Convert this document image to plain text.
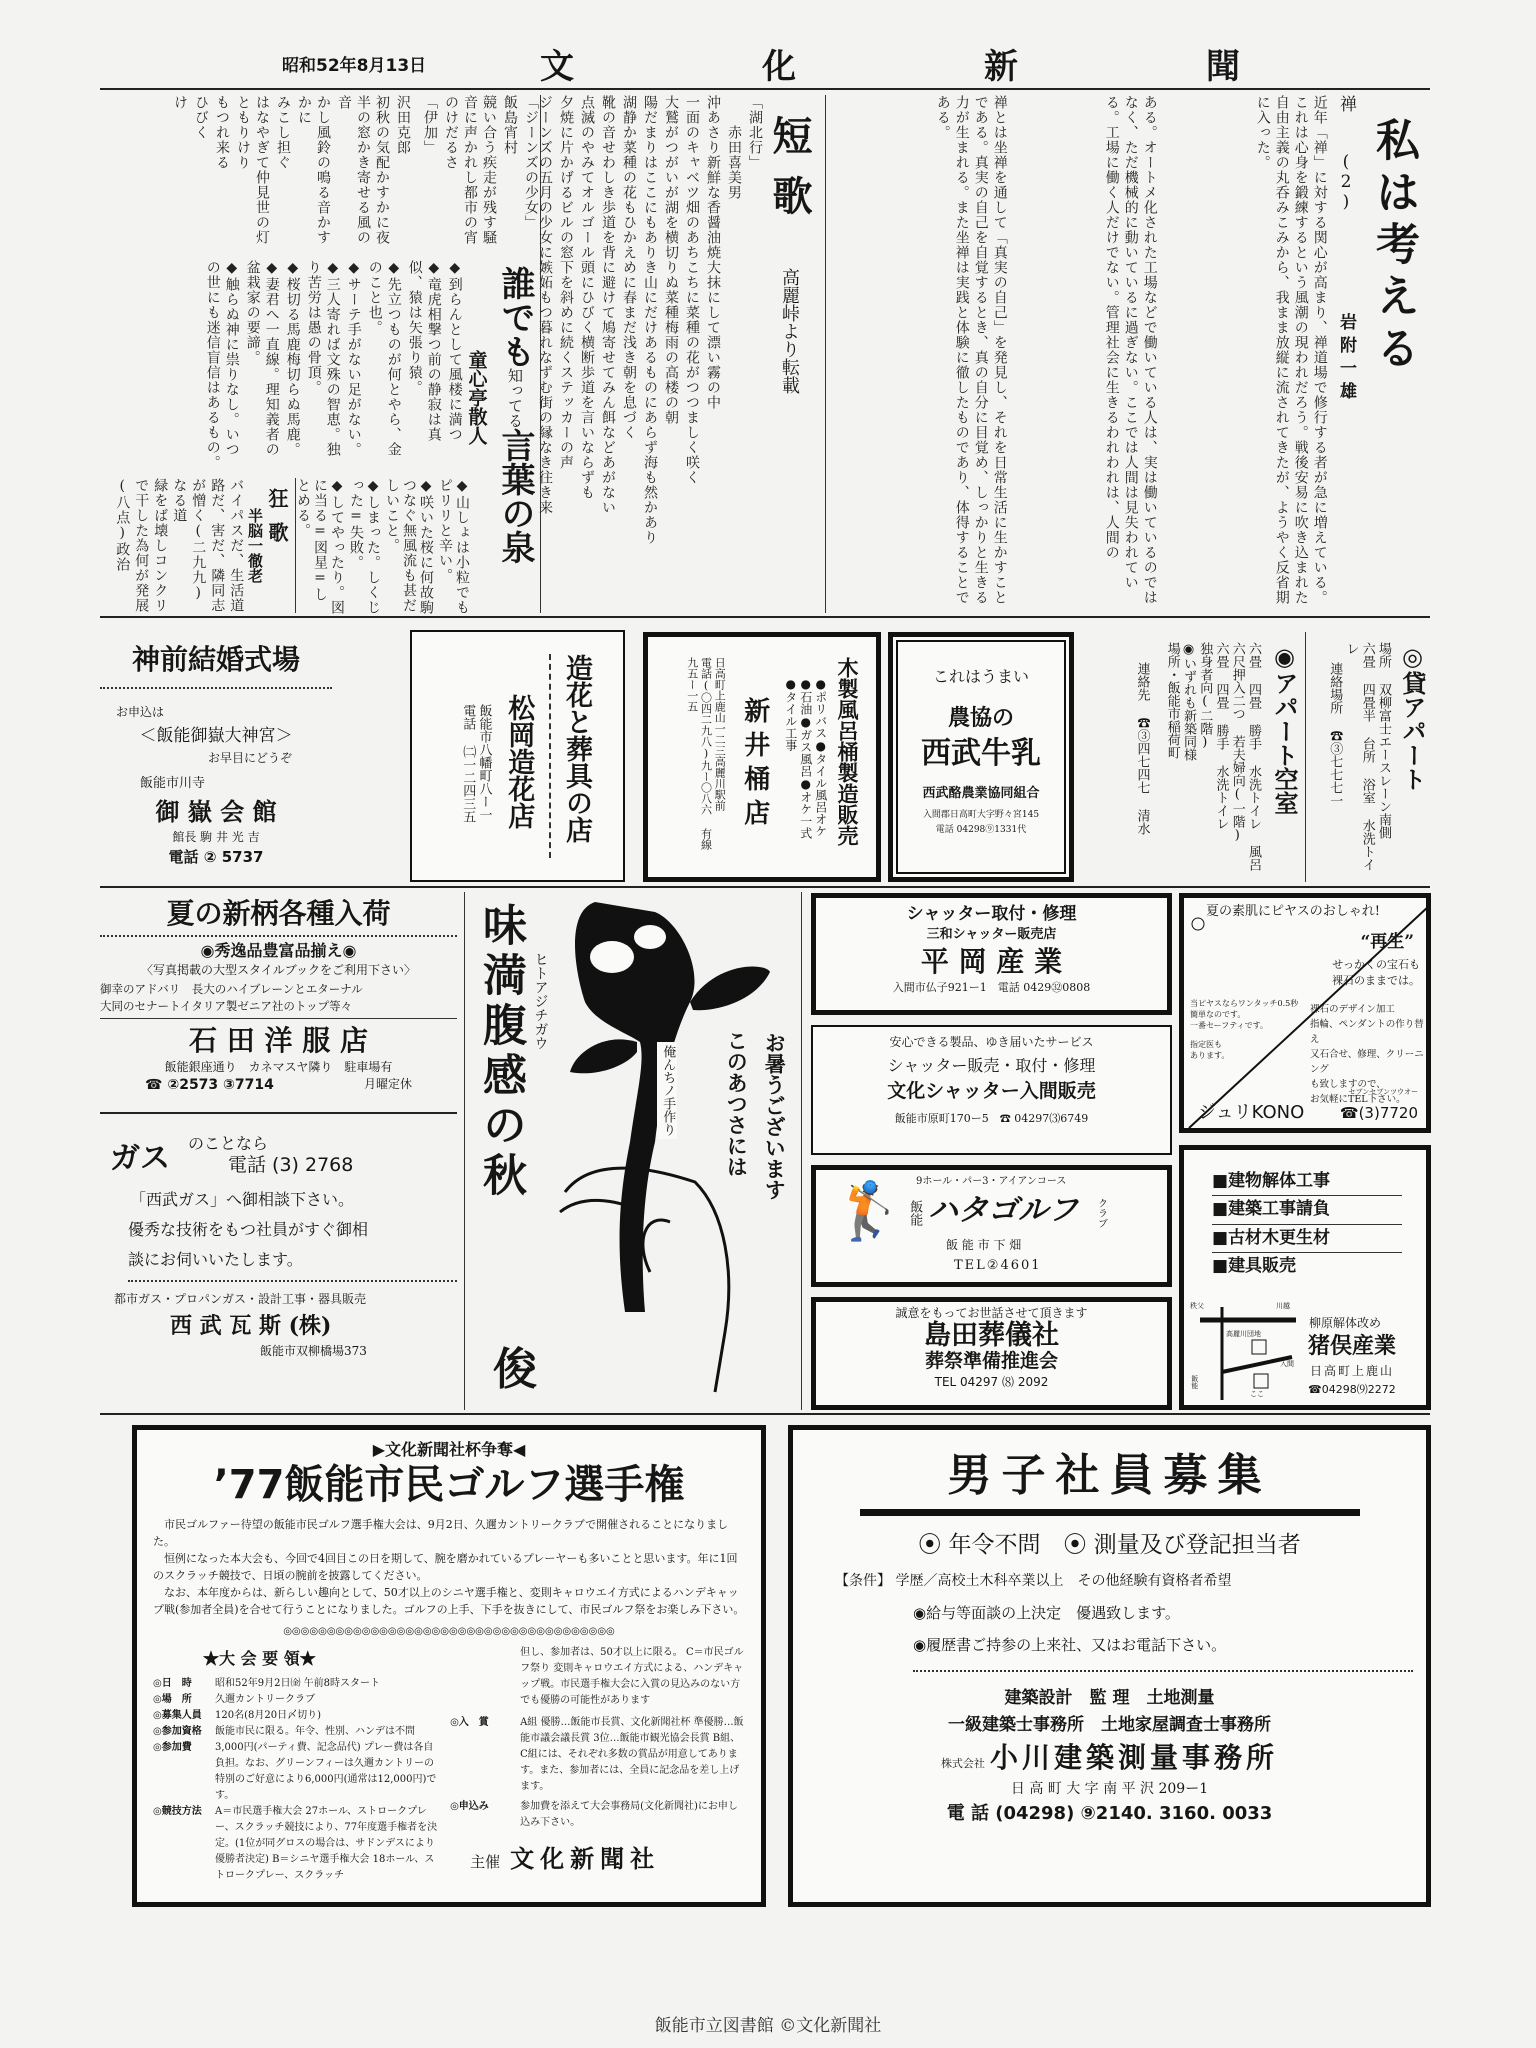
昭和52年8月13日	文	化	新	聞
私は考える
禅(2)
岩附一雄

近年「禅」に対する関心が高まり、禅道場で修行する者が急に増えている。これは心身を鍛練するという風潮の現われだろう。戦後安易に吹き込まれた自由主義の丸呑みこみから、我まま放縦に流されてきたが、ようやく反省期に入った。

ある。オートメ化された工場などで働いている人は、実は働いているのではなく、ただ機械的に動いているに過ぎない。ここでは人間は見失われている。工場に働く人だけでない。管理社会に生きるわれわれは、人間の

禅とは坐禅を通して「真実の自己」を発見し、それを日常生活に生かすことである。真実の自己を自覚するとき、真の自分に目覚め、しっかりと生きる力が生まれる。また坐禅は実践と体験に徹したものであり、体得することである。

短歌 高麗峠より転載

「湖北行」

赤田喜美男

沖あさり新鮮な香醤油焼大抹にして漂い霧の中

一面のキャベツ畑のあちこちに菜種の花がつつましく咲く

大鷲がつがいが湖を横切りぬ菜種梅雨の高楼の朝

陽だまりはここにもありき山にだけあるものにあらず海も然かあり

湖静か菜種の花もひかえめに春まだ浅き朝を息づく

靴の音せわしき歩道を背に避けて鳩寄せてみん餌などあがない

点滅のやみてオルゴール頭にひびく横断歩道を言いならずも

夕焼に片かげるビルの窓下を斜めに続くステッカーの声

ジーンズの五月の少女に嫉妬もつ暮れなずむ街の縁なき往き来

「ジーンズの少女」

飯島宵村

競い合う疾走が残す騒音に声かれし都市の宵のけだるさ

「伊加」

沢田克郎

初秋の気配かすかに夜半の窓かき寄せる風の音

かし風鈴の鳴る音かすかに

みこし担ぐ

はなやぎて仲見世の灯ともりけり

もつれ来る

ひびく

け

誰でも知ってる言葉の泉
童心亭散人

◆到らんとして風楼に満つ

◆竜虎相撃つ前の静寂は真似、猿は矢張り猿。

◆先立つものが何とやら、金のこと也。

◆サーテ手がない足がない。

◆三人寄れば文殊の智恵。独り苦労は愚の骨頂。

◆桜切る馬鹿梅切らぬ馬鹿。

◆妻君へ一直線。理知義者の盆栽家の要諦。

◆触らぬ神に祟りなし。いつの世にも迷信盲信はあるもの。

◆山しょは小粒でもピリリと辛い。

◆咲いた桜に何故駒つなぐ無風流も甚だしいこと。

◆しまった。しくじった=失敗。

◆してやったり。図に当る=図星=しとめる。

狂歌
半脳一徹老

バイパスだ、生活道路だ、害だ、隣同志が憎く(二九九)なる道

緑をば壊しコンクリで干した為何が発展(八点)政治

神前結婚式場
お申込は
＜飯能御嶽大神宮＞
お早目にどうぞ
飯能市川寺
御 嶽 会 館
館長 駒 井 光 吉
電話 ② 5737
造花と葬具の店
松岡造花店
飯能市八幡町八ー一
電話 ㈡一二四三五	木製風呂桶製造販売
●ポリバス●タイル風呂オケ
●石油●ガス風呂●オケ一式
●タイル工事
新井桶店
日高町上鹿山一二三高麗川駅前
電話(〇四二九八)九ー〇八六 有線 九五ー一五	これはうまい
農協の
西武牛乳
西武酪農業協同組合
入間郡日高町大字野々宮145
電話 04298⑨1331代
◉アパート空室
六畳 四畳 勝手 水洗トイレ 風呂
六尺押入二つ 若夫婦向(一階)
六畳 四畳 勝手 水洗トイレ
独身者向(二階)
◉いずれも新築同様
場所・飯能市稲荷町
連絡先 ☎③四七四七 清水	◎貸アパート
場所 双柳富士エースレーン南側
六畳 四畳半 台所 浴室 水洗トイレ
連絡場所 ☎③七七七一
夏の新柄各種入荷
◉秀逸品豊富品揃え◉
〈写真掲載の大型スタイルブックをご利用下さい〉
御幸のアドバリ　長大のハイブレーンとエターナル
大同のセナートイタリア製ゼニア社のトップ等々
石 田 洋 服 店
飯能銀座通り　カネマスヤ隣り　駐車場有
☎ ②2573 ③7714	月曜定休
ガス のことなら
電話 (3) 2768
「西武ガス」へ御相談下さい。
優秀な技術をもつ社員がすぐ御相
談にお伺いいたします。
都市ガス・プロパンガス・設計工事・器具販売
西 武 瓦 斯 (株)
飯能市双柳橋場373
味満腹感の秋 ヒトアジチガウ
俊
お暑うございます
このあつさには
俺んちノ手作り
シャッター取付・修理
三和シャッター販売店
平 岡 産 業
入間市仏子921ー1　電話 0429㉜0808
安心できる製品、ゆき届いたサービス
シャッター販売・取付・修理
文化シャッター入間販売
飯能市原町170ー5　 ☎ 04297⑶6749
🏌 9ホール・パー3・アイアンコース
飯能 ハタゴルフ クラブ
飯 能 市 下 畑
TEL②4601
誠意をもってお世話させて頂きます
島田葬儀社
葬祭準備推進会
TEL 04297 ⑻ 2092
夏の素肌にピヤスのおしゃれ!
“再生”
せっかくの宝石も
裸石のままでは。
当ピヤスならワンタッチ0.5秒
簡単なのです。
一番セーフティです。
指定医も
あります。
裸石のデザイン加工
指輪、ペンダントの作り替え
又石合せ、修理、クリーニング
も致しますので、
お気軽にTEL下さい。
セブンセブンツウオー
ジュリKONO ☎(3)7720
■建物解体工事
■建築工事請負
■古材木更生材
■建具販売
秩父	川越
高麗川団地
入間
飯能
ここ
柳原解体改め
猪俣産業
日高町上鹿山
☎04298⑼2272
▶文化新聞社杯争奪◀
’77飯能市民ゴルフ選手権

市民ゴルファー待望の飯能市民ゴルフ選手権大会は、9月2日、久邇カントリークラブで開催されることになりました。

恒例になった本大会も、今回で4回目この日を期して、腕を磨かれているプレーヤーも多いことと思います。年に1回のスクラッチ競技で、日頃の腕前を披露してください。

なお、本年度からは、新らしい趣向として、50才以上のシニヤ選手権と、変則キャロウエイ方式によるハンデキャップ戦(参加者全員)を合せて行うことになりました。ゴルフの上手、下手を抜きにして、市民ゴルフ祭をお楽しみ下さい。

◎◎◎◎◎◎◎◎◎◎◎◎◎◎◎◎◎◎◎◎◎◎◎◎◎◎◎◎◎◎◎◎◎◎◎◎◎◎
★大 会 要 領★
◎日　時	昭和52年9月2日㈮ 午前8時スタート
◎場　所	久邇カントリークラブ
◎募集人員	120名(8月20日〆切り)
◎参加資格	飯能市民に限る。年令、性別、ハンデは不問
◎参加費	3,000円(パーティ費、記念品代) プレー費は各自負担。なお、グリーンフィーは久邇カントリーの特別のご好意により6,000円(通常は12,000円)です。
◎競技方法	A＝市民選手権大会 27ホール、ストロークプレー、スクラッチ競技により、77年度選手権者を決定。(1位が同グロスの場合は、サドンデスにより優勝者決定) B＝シニヤ選手権大会 18ホール、ストロークプレー、スクラッチ
但し、参加者は、50才以上に限る。 C＝市民ゴルフ祭り 変則キャロウエイ方式による、ハンデキャップ戦。市民選手権大会に入賞の見込みのない方でも優勝の可能性があります
◎入　賞	A組 優勝…飯能市長賞、文化新聞社杯 準優勝…飯能市議会議長賞 3位…飯能市観光協会長賞 B組、C組には、それぞれ多数の賞品が用意してあります。また、参加者には、全員に記念品を差し上げます。
◎申込み	参加費を添えて大会事務局(文化新聞社)にお申し込み下さい。
主催　 文化新聞社
男子社員募集
⦿ 年令不問　 ⦿ 測量及び登記担当者
【条件】 学歴／高校土木科卒業以上　その他経験有資格者希望
◉給与等面談の上決定　優遇致します。
◉履歴書ご持参の上来社、又はお電話下さい。
建築設計　監 理　土地測量
一級建築士事務所　土地家屋調査士事務所
株式会社 小川建築測量事務所
日 高 町 大 字 南 平 沢 209ー1
電 話 (04298) ⑨2140. 3160. 0033
飯能市立図書館 ©文化新聞社
